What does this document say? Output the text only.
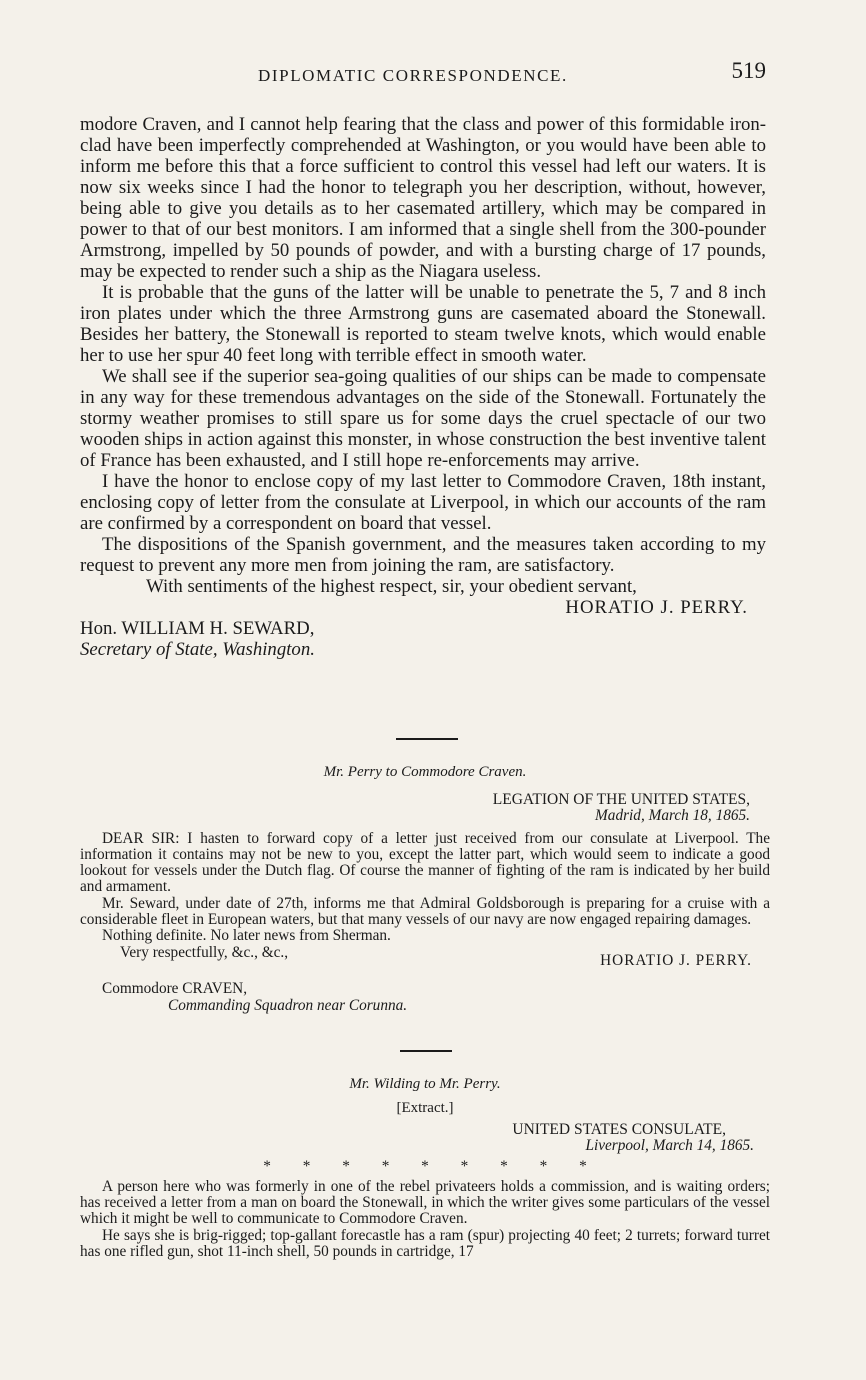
DIPLOMATIC CORRESPONDENCE.	519

modore Craven, and I cannot help fearing that the class and power of this formidable iron-clad have been imperfectly comprehended at Washington, or you would have been able to inform me before this that a force sufficient to control this vessel had left our waters. It is now six weeks since I had the honor to telegraph you her description, without, however, being able to give you details as to her casemated artillery, which may be compared in power to that of our best monitors. I am informed that a single shell from the 300-pounder Armstrong, impelled by 50 pounds of powder, and with a bursting charge of 17 pounds, may be expected to render such a ship as the Niagara useless.

It is probable that the guns of the latter will be unable to penetrate the 5, 7 and 8 inch iron plates under which the three Armstrong guns are casemated aboard the Stonewall. Besides her battery, the Stonewall is reported to steam twelve knots, which would enable her to use her spur 40 feet long with terrible effect in smooth water.

We shall see if the superior sea-going qualities of our ships can be made to compensate in any way for these tremendous advantages on the side of the Stonewall. Fortunately the stormy weather promises to still spare us for some days the cruel spectacle of our two wooden ships in action against this monster, in whose construction the best inventive talent of France has been exhausted, and I still hope re-enforcements may arrive.

I have the honor to enclose copy of my last letter to Commodore Craven, 18th instant, enclosing copy of letter from the consulate at Liverpool, in which our accounts of the ram are confirmed by a correspondent on board that vessel.

The dispositions of the Spanish government, and the measures taken according to my request to prevent any more men from joining the ram, are satisfactory.

With sentiments of the highest respect, sir, your obedient servant,

HORATIO J. PERRY.

Hon. WILLIAM H. SEWARD,

Secretary of State, Washington.

Mr. Perry to Commodore Craven.

LEGATION OF THE UNITED STATES,

Madrid, March 18, 1865.

DEAR SIR: I hasten to forward copy of a letter just received from our consulate at Liverpool. The information it contains may not be new to you, except the latter part, which would seem to indicate a good lookout for vessels under the Dutch flag. Of course the manner of fighting of the ram is indicated by her build and armament.

Mr. Seward, under date of 27th, informs me that Admiral Goldsborough is preparing for a cruise with a considerable fleet in European waters, but that many vessels of our navy are now engaged repairing damages.

Nothing definite. No later news from Sherman.

Very respectfully, &c., &c.,	HORATIO J. PERRY.

Commodore CRAVEN,

Commanding Squadron near Corunna.

Mr. Wilding to Mr. Perry.
[Extract.]

UNITED STATES CONSULATE,

Liverpool, March 14, 1865.

* * * * * * * * *

A person here who was formerly in one of the rebel privateers holds a commission, and is waiting orders; has received a letter from a man on board the Stonewall, in which the writer gives some particulars of the vessel which it might be well to communicate to Commodore Craven.

He says she is brig-rigged; top-gallant forecastle has a ram (spur) projecting 40 feet; 2 turrets; forward turret has one rifled gun, shot 11-inch shell, 50 pounds in cartridge, 17
